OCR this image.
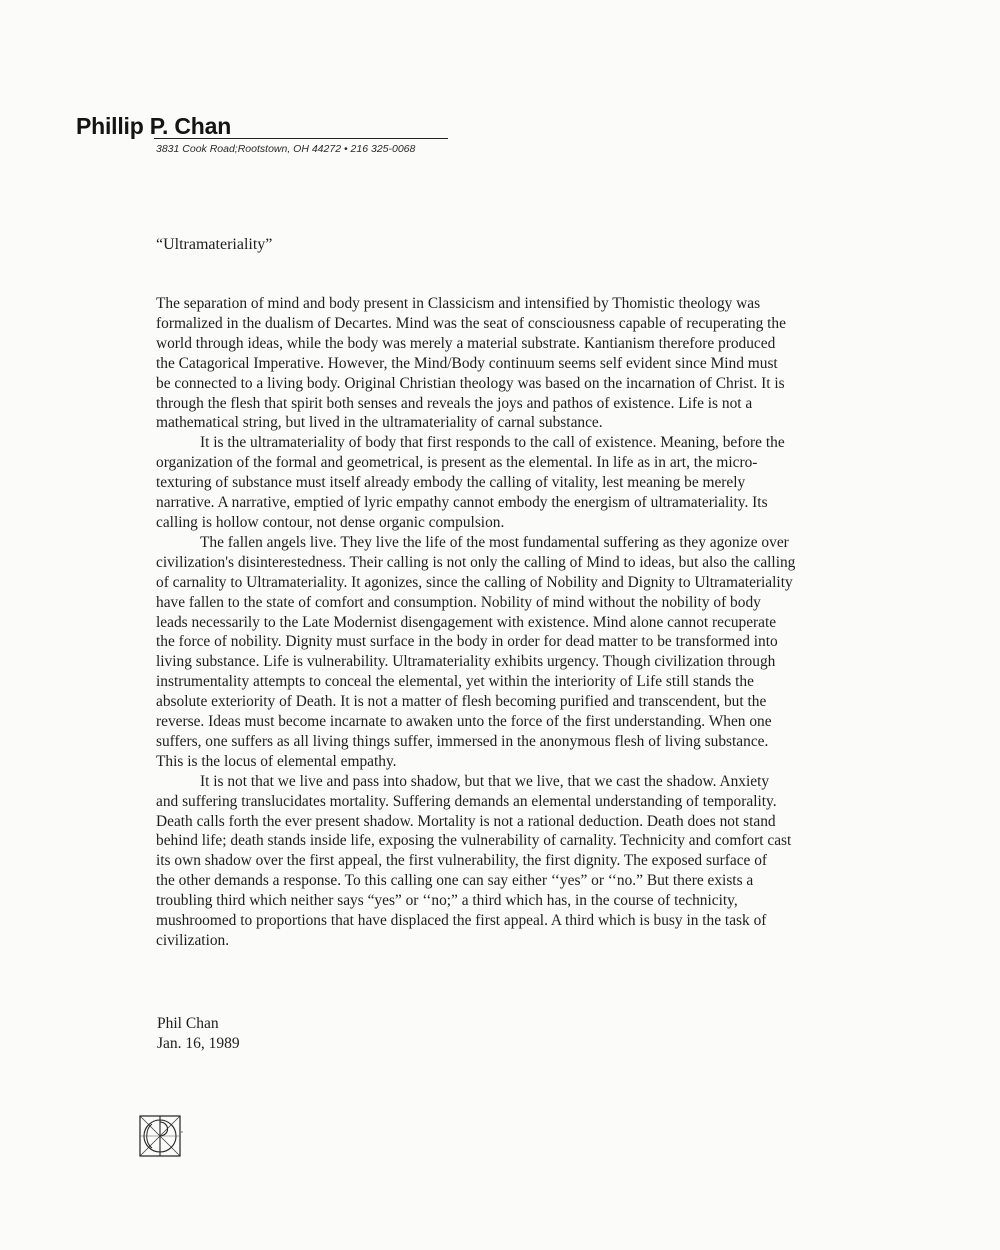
Phillip P. Chan
3831 Cook Road;Rootstown, OH 44272 • 216 325-0068
“Ultramateriality”
The separation of mind and body present in Classicism and intensified by Thomistic theology was
formalized in the dualism of Decartes. Mind was the seat of consciousness capable of recuperating the
world through ideas, while the body was merely a material substrate. Kantianism therefore produced
the Catagorical Imperative. However, the Mind/Body continuum seems self evident since Mind must
be connected to a living body. Original Christian theology was based on the incarnation of Christ. It is
through the flesh that spirit both senses and reveals the joys and pathos of existence. Life is not a
mathematical string, but lived in the ultramateriality of carnal substance.
It is the ultramateriality of body that first responds to the call of existence. Meaning, before the
organization of the formal and geometrical, is present as the elemental. In life as in art, the micro-
texturing of substance must itself already embody the calling of vitality, lest meaning be merely
narrative. A narrative, emptied of lyric empathy cannot embody the energism of ultramateriality. Its
calling is hollow contour, not dense organic compulsion.
The fallen angels live. They live the life of the most fundamental suffering as they agonize over
civilization's disinterestedness. Their calling is not only the calling of Mind to ideas, but also the calling
of carnality to Ultramateriality. It agonizes, since the calling of Nobility and Dignity to Ultramateriality
have fallen to the state of comfort and consumption. Nobility of mind without the nobility of body
leads necessarily to the Late Modernist disengagement with existence. Mind alone cannot recuperate
the force of nobility. Dignity must surface in the body in order for dead matter to be transformed into
living substance. Life is vulnerability. Ultramateriality exhibits urgency. Though civilization through
instrumentality attempts to conceal the elemental, yet within the interiority of Life still stands the
absolute exteriority of Death. It is not a matter of flesh becoming purified and transcendent, but the
reverse. Ideas must become incarnate to awaken unto the force of the first understanding. When one
suffers, one suffers as all living things suffer, immersed in the anonymous flesh of living substance.
This is the locus of elemental empathy.
It is not that we live and pass into shadow, but that we live, that we cast the shadow. Anxiety
and suffering translucidates mortality. Suffering demands an elemental understanding of temporality.
Death calls forth the ever present shadow. Mortality is not a rational deduction. Death does not stand
behind life; death stands inside life, exposing the vulnerability of carnality. Technicity and comfort cast
its own shadow over the first appeal, the first vulnerability, the first dignity. The exposed surface of
the other demands a response. To this calling one can say either ‘‘yes” or ‘‘no.” But there exists a
troubling third which neither says “yes” or ‘‘no;” a third which has, in the course of technicity,
mushroomed to proportions that have displaced the first appeal. A third which is busy in the task of
civilization.
Phil Chan
Jan. 16, 1989
